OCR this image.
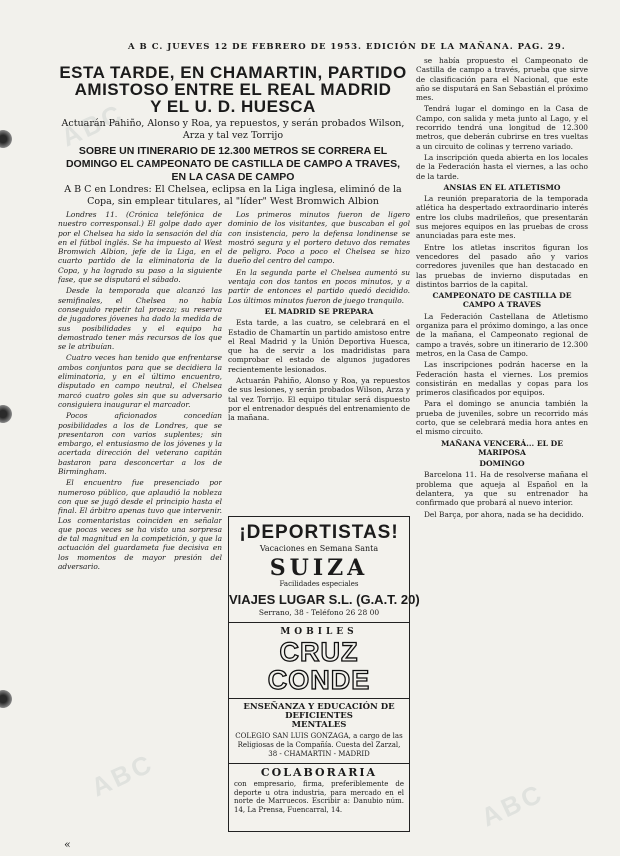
ABC
ABC
ABC
A B C. JUEVES 12 DE FEBRERO DE 1953. EDICIÓN DE LA MAÑANA. PAG. 29.
ESTA TARDE, EN CHAMARTIN, PARTIDO
AMISTOSO ENTRE EL REAL MADRID
Y EL U. D. HUESCA
Actuarán Pahiño, Alonso y Roa, ya repuestos, y serán probados Wilson, Arza y tal vez Torrijo
SOBRE UN ITINERARIO DE 12.300 METROS SE CORRERA EL DOMINGO EL CAMPEONATO DE CASTILLA DE CAMPO A TRAVES, EN LA CASA DE CAMPO
A B C en Londres: El Chelsea, eclipsa en la Liga inglesa, eliminó de la Copa, sin emplear titulares, al "líder" West Bromwich Albion

Londres 11. (Crónica telefónica de nuestro corresponsal.) El golpe dado ayer por el Chelsea ha sido la sensación del día en el fútbol inglés. Se ha impuesto al West Bromwich Albion, jefe de la Liga, en el cuarto partido de la eliminatoria de la Copa, y ha logrado su paso a la siguiente fase, que se disputará el sábado.

Desde la temporada que alcanzó las semifinales, el Chelsea no había conseguido repetir tal proeza; su reserva de jugadores jóvenes ha dado la medida de sus posibilidades y el equipo ha demostrado tener más recursos de los que se le atribuían.

Cuatro veces han tenido que enfrentarse ambos conjuntos para que se decidiera la eliminatoria, y en el último encuentro, disputado en campo neutral, el Chelsea marcó cuatro goles sin que su adversario consiguiera inaugurar el marcador.

Pocos aficionados concedían posibilidades a los de Londres, que se presentaron con varios suplentes; sin embargo, el entusiasmo de los jóvenes y la acertada dirección del veterano capitán bastaron para desconcertar a los de Birmingham.

El encuentro fue presenciado por numeroso público, que aplaudió la nobleza con que se jugó desde el principio hasta el final. El árbitro apenas tuvo que intervenir. Los comentaristas coinciden en señalar que pocas veces se ha visto una sorpresa de tal magnitud en la competición, y que la actuación del guardameta fue decisiva en los momentos de mayor presión del adversario.

Los primeros minutos fueron de ligero dominio de los visitantes, que buscaban el gol con insistencia, pero la defensa londinense se mostró segura y el portero detuvo dos remates de peligro. Poco a poco el Chelsea se hizo dueño del centro del campo.

En la segunda parte el Chelsea aumentó su ventaja con dos tantos en pocos minutos, y a partir de entonces el partido quedó decidido. Los últimos minutos fueron de juego tranquilo.

EL MADRID SE PREPARA

Esta tarde, a las cuatro, se celebrará en el Estadio de Chamartín un partido amistoso entre el Real Madrid y la Unión Deportiva Huesca, que ha de servir a los madridistas para comprobar el estado de algunos jugadores recientemente lesionados.

Actuarán Pahiño, Alonso y Roa, ya repuestos de sus lesiones, y serán probados Wilson, Arza y tal vez Torrijo. El equipo titular será dispuesto por el entrenador después del entrenamiento de la mañana.

¡DEPORTISTAS!
Vacaciones en Semana Santa
SUIZA
Facilidades especiales
VIAJES LUGAR S.L. (G.A.T. 20)
Serrano, 38 - Teléfono 26 28 00
MOBILES
CRUZ CONDE
ENSEÑANZA Y EDUCACIÓN DE DEFICIENTES
MENTALES
COLEGIO SAN LUIS GONZAGA, a cargo de las Religiosas de la Compañía. Cuesta del Zarzal, 38 - CHAMARTIN - MADRID
COLABORARIA
con empresario, firma, preferiblemente de deporte u otra industria, para mercado en el norte de Marruecos. Escribir a: Danubio núm. 14, La Prensa, Fuencarral, 14.

se había propuesto el Campeonato de Castilla de campo a través, prueba que sirve de clasificación para el Nacional, que este año se disputará en San Sebastián el próximo mes.

Tendrá lugar el domingo en la Casa de Campo, con salida y meta junto al Lago, y el recorrido tendrá una longitud de 12.300 metros, que deberán cubrirse en tres vueltas a un circuito de colinas y terreno variado.

La inscripción queda abierta en los locales de la Federación hasta el viernes, a las ocho de la tarde.

ANSIAS EN EL ATLETISMO

La reunión preparatoria de la temporada atlética ha despertado extraordinario interés entre los clubs madrileños, que presentarán sus mejores equipos en las pruebas de cross anunciadas para este mes.

Entre los atletas inscritos figuran los vencedores del pasado año y varios corredores juveniles que han destacado en las pruebas de invierno disputadas en distintos barrios de la capital.

CAMPEONATO DE CASTILLA DE CAMPO A TRAVES

La Federación Castellana de Atletismo organiza para el próximo domingo, a las once de la mañana, el Campeonato regional de campo a través, sobre un itinerario de 12.300 metros, en la Casa de Campo.

Las inscripciones podrán hacerse en la Federación hasta el viernes. Los premios consistirán en medallas y copas para los primeros clasificados por equipos.

Para el domingo se anuncia también la prueba de juveniles, sobre un recorrido más corto, que se celebrará media hora antes en el mismo circuito.

MAÑANA VENCERÁ... EL DE MARIPOSA

DOMINGO

Barcelona 11. Ha de resolverse mañana el problema que aqueja al Español en la delantera, ya que su entrenador ha confirmado que probará al nuevo interior.

Del Barça, por ahora, nada se ha decidido.

«
